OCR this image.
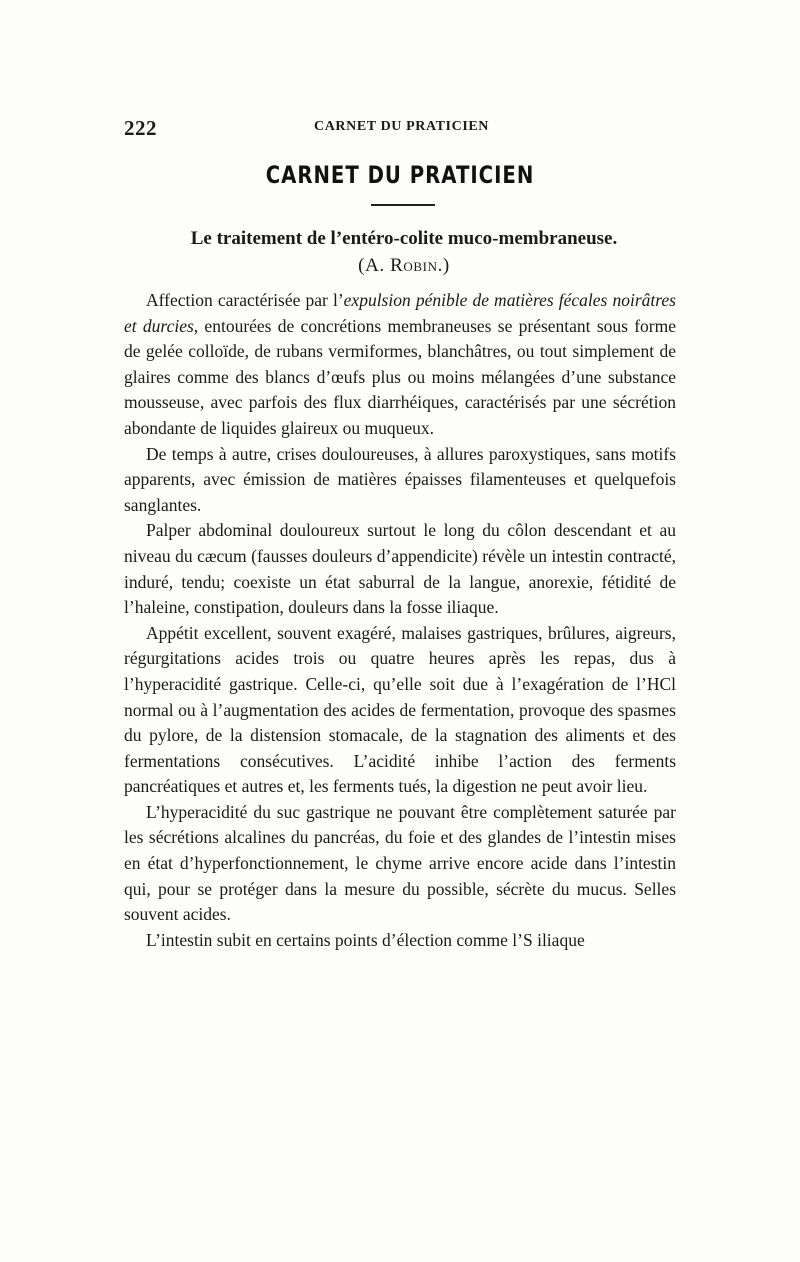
222	CARNET DU PRATICIEN
CARNET DU PRATICIEN
Le traitement de l’entéro-colite muco-membraneuse.
(A. Robin.)

Affection caractérisée par l’expulsion pénible de matières fécales noirâtres et durcies, entourées de concrétions membraneuses se présentant sous forme de gelée colloïde, de rubans vermiformes, blanchâtres, ou tout simplement de glaires comme des blancs d’œufs plus ou moins mélangées d’une substance mousseuse, avec parfois des flux diarrhéiques, caractérisés par une sécrétion abondante de liquides glaireux ou muqueux.

De temps à autre, crises douloureuses, à allures paroxystiques, sans motifs apparents, avec émission de matières épaisses filamenteuses et quelquefois sanglantes.

Palper abdominal douloureux surtout le long du côlon descendant et au niveau du cæcum (fausses douleurs d’appendicite) révèle un intestin contracté, induré, tendu; coexiste un état saburral de la langue, anorexie, fétidité de l’haleine, constipation, douleurs dans la fosse iliaque.

Appétit excellent, souvent exagéré, malaises gastriques, brûlures, aigreurs, régurgitations acides trois ou quatre heures après les repas, dus à l’hyperacidité gastrique. Celle-ci, qu’elle soit due à l’exagération de l’HCl normal ou à l’augmentation des acides de fermentation, provoque des spasmes du pylore, de la distension stomacale, de la stagnation des aliments et des fermentations consécutives. L’acidité inhibe l’action des ferments pancréatiques et autres et, les ferments tués, la digestion ne peut avoir lieu.

L’hyperacidité du suc gastrique ne pouvant être complètement saturée par les sécrétions alcalines du pancréas, du foie et des glandes de l’intestin mises en état d’hyperfonctionnement, le chyme arrive encore acide dans l’intestin qui, pour se protéger dans la mesure du possible, sécrète du mucus. Selles souvent acides.

L’intestin subit en certains points d’élection comme l’S iliaque
